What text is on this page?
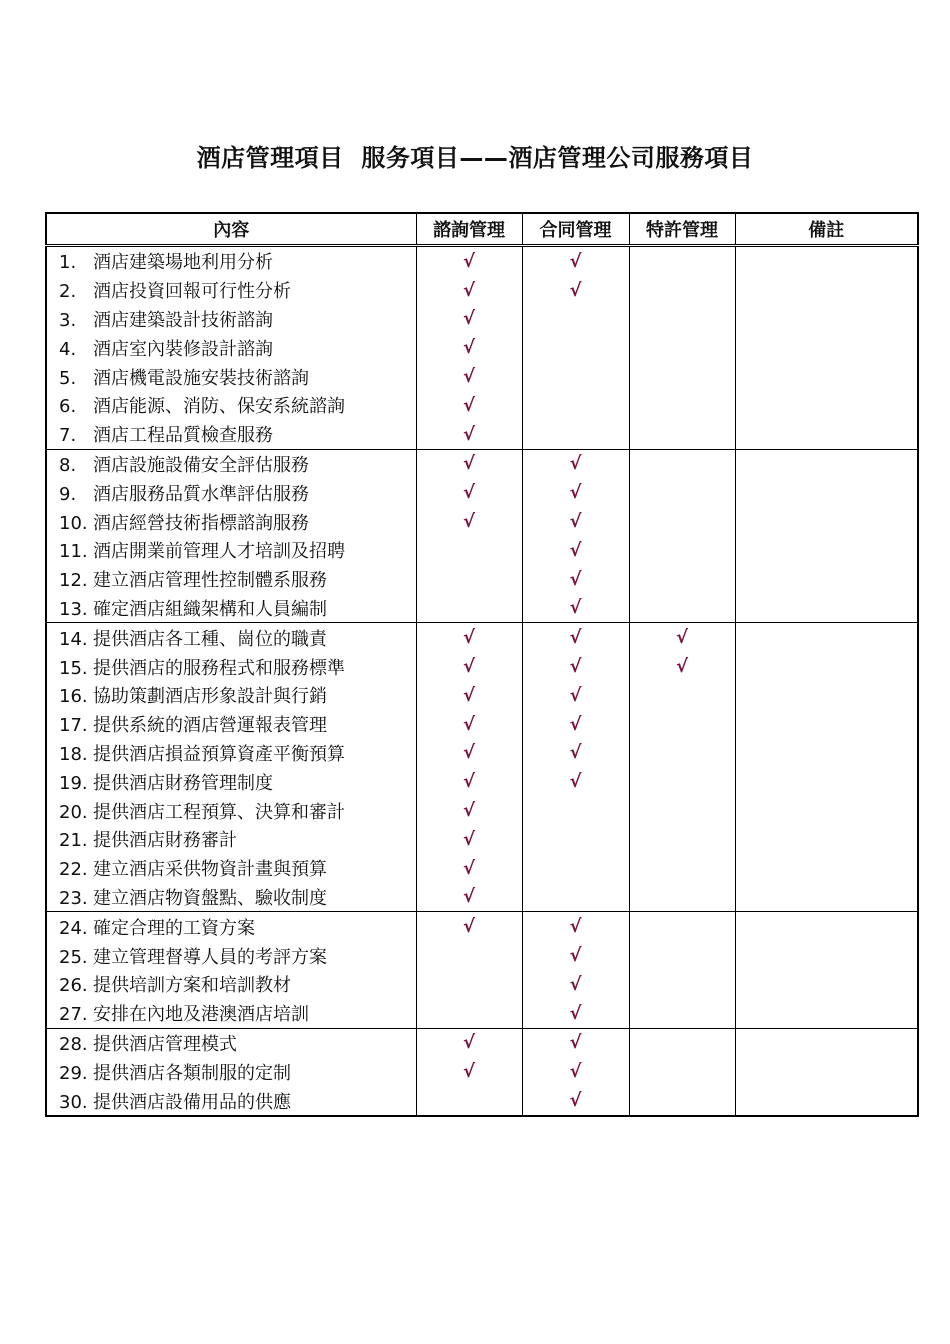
酒店管理項目  服务項目——酒店管理公司服務項目
內容	諮詢管理	合同管理	特許管理	備註
1. 酒店建築場地利用分析	√	√		
2. 酒店投資回報可行性分析	√	√		
3. 酒店建築設計技術諮詢	√			
4. 酒店室內裝修設計諮詢	√			
5. 酒店機電設施安裝技術諮詢	√			
6. 酒店能源、消防、保安系統諮詢	√			
7. 酒店工程品質檢查服務	√			
8. 酒店設施設備安全評估服務	√	√		
9. 酒店服務品質水準評估服務	√	√		
10. 酒店經營技術指標諮詢服務	√	√		
11. 酒店開業前管理人才培訓及招聘		√		
12. 建立酒店管理性控制體系服務		√		
13. 確定酒店組織架構和人員編制		√		
14. 提供酒店各工種、崗位的職責	√	√	√	
15. 提供酒店的服務程式和服務標準	√	√	√	
16. 協助策劃酒店形象設計與行銷	√	√		
17. 提供系統的酒店營運報表管理	√	√		
18. 提供酒店損益預算資產平衡預算	√	√		
19. 提供酒店財務管理制度	√	√		
20. 提供酒店工程預算、決算和審計	√			
21. 提供酒店財務審計	√			
22. 建立酒店采供物資計畫與預算	√			
23. 建立酒店物資盤點、驗收制度	√			
24. 確定合理的工資方案	√	√		
25. 建立管理督導人員的考評方案		√		
26. 提供培訓方案和培訓教材		√		
27. 安排在內地及港澳酒店培訓		√		
28. 提供酒店管理模式	√	√		
29. 提供酒店各類制服的定制	√	√		
30. 提供酒店設備用品的供應		√		
